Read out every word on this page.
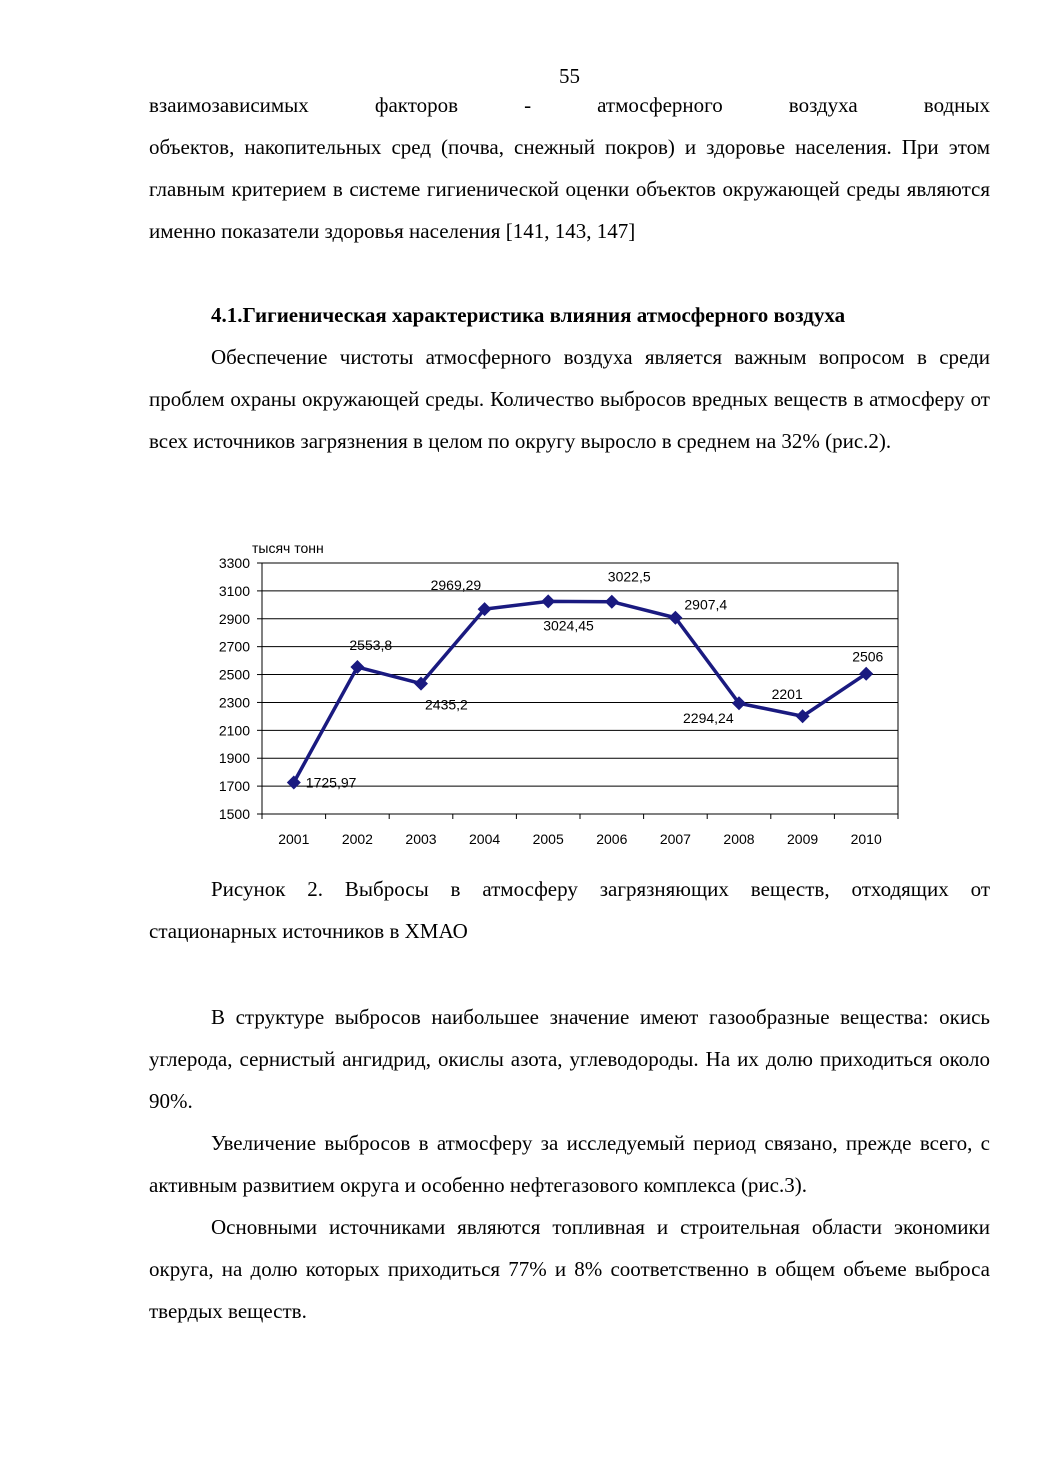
55

взаимозависимых факторов - атмосферного воздуха водных

объектов, накопительных сред (почва, снежный покров) и здоровье населения. При этом главным критерием в системе гигиенической оценки объектов окружающей среды являются именно показатели здоровья населения [141, 143, 147]

4.1.Гигиеническая характеристика влияния атмосферного воздуха

Обеспечение чистоты атмосферного воздуха является важным вопросом в среди проблем охраны окружающей среды. Количество выбросов вредных веществ в атмосферу от всех источников загрязнения в целом по округу выросло в среднем на 32% (рис.2).

1500
1700
1900
2100
2300
2500
2700
2900
3100
3300
тысяч тонн
2001 2002 2003 2004 2005 2006 2007 2008 2009 2010
1725,97
2553,8
2435,2
2969,29
3024,45
3022,5
2907,4
2294,24
2201
2506

Рисунок 2. Выбросы в атмосферу загрязняющих веществ, отходящих от стационарных источников в ХМАО

В структуре выбросов наибольшее значение имеют газообразные вещества: окись углерода, сернистый ангидрид, окислы азота, углеводороды. На их долю приходиться около 90%.

Увеличение выбросов в атмосферу за исследуемый период связано, прежде всего, с активным развитием округа и особенно нефтегазового комплекса (рис.3).

Основными источниками являются топливная и строительная области экономики округа, на долю которых приходиться 77% и 8% соответственно в общем объеме выброса твердых веществ.
